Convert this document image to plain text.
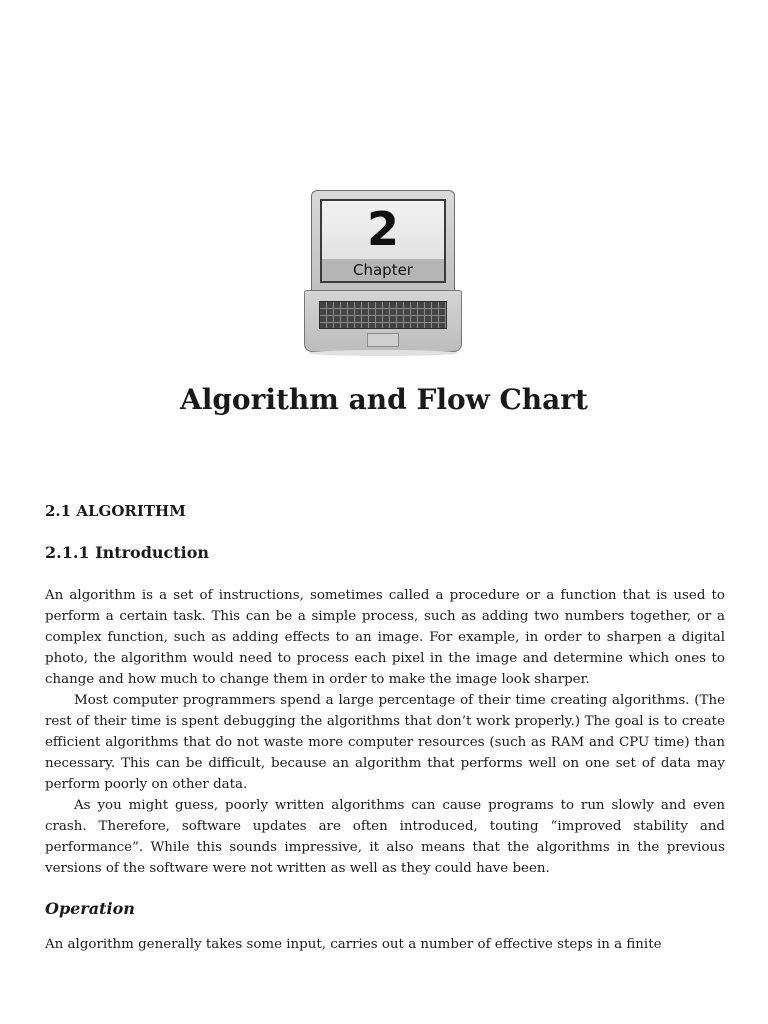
2
Chapter
Algorithm and Flow Chart
2.1 ALGORITHM
2.1.1 Introduction

An algorithm is a set of instructions, sometimes called a procedure or a function that is used to perform a certain task. This can be a simple process, such as adding two numbers together, or a complex function, such as adding effects to an image. For example, in order to sharpen a digital photo, the algorithm would need to process each pixel in the image and determine which ones to change and how much to change them in order to make the image look sharper.

Most computer programmers spend a large percentage of their time creating algorithms. (The rest of their time is spent debugging the algorithms that don’t work properly.) The goal is to create efficient algorithms that do not waste more computer resources (such as RAM and CPU time) than necessary. This can be difficult, because an algorithm that performs well on one set of data may perform poorly on other data.

As you might guess, poorly written algorithms can cause programs to run slowly and even crash. Therefore, software updates are often introduced, touting “improved stability and performance”. While this sounds impressive, it also means that the algorithms in the previous versions of the software were not written as well as they could have been.

Operation

An algorithm generally takes some input, carries out a number of effective steps in a finite
